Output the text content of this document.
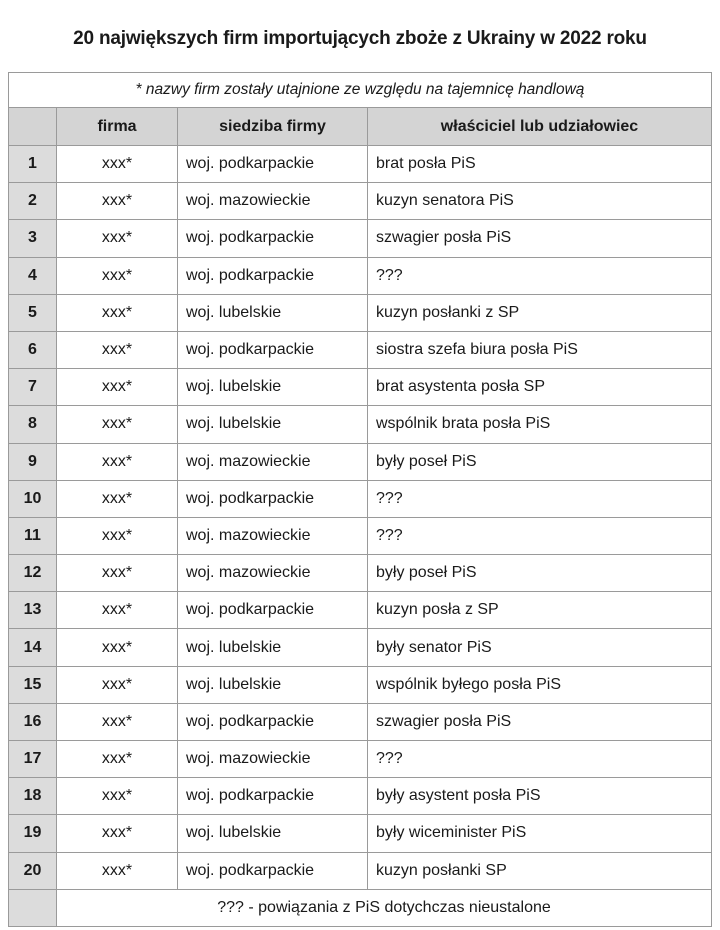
20 największych firm importujących zboże z Ukrainy w 2022 roku
* nazwy firm zostały utajnione ze względu na tajemnicę handlową			
	firma	siedziba firmy	właściciel lub udziałowiec
1	xxx*	woj. podkarpackie	brat posła PiS
2	xxx*	woj. mazowieckie	kuzyn senatora PiS
3	xxx*	woj. podkarpackie	szwagier posła PiS
4	xxx*	woj. podkarpackie	???
5	xxx*	woj. lubelskie	kuzyn posłanki z SP
6	xxx*	woj. podkarpackie	siostra szefa biura posła PiS
7	xxx*	woj. lubelskie	brat asystenta posła SP
8	xxx*	woj. lubelskie	wspólnik brata posła PiS
9	xxx*	woj. mazowieckie	były poseł PiS
10	xxx*	woj. podkarpackie	???
11	xxx*	woj. mazowieckie	???
12	xxx*	woj. mazowieckie	były poseł PiS
13	xxx*	woj. podkarpackie	kuzyn posła z SP
14	xxx*	woj. lubelskie	były senator PiS
15	xxx*	woj. lubelskie	wspólnik byłego posła PiS
16	xxx*	woj. podkarpackie	szwagier posła PiS
17	xxx*	woj. mazowieckie	???
18	xxx*	woj. podkarpackie	były asystent posła PiS
19	xxx*	woj. lubelskie	były wiceminister PiS
20	xxx*	woj. podkarpackie	kuzyn posłanki SP
	??? - powiązania z PiS dotychczas nieustalone		
